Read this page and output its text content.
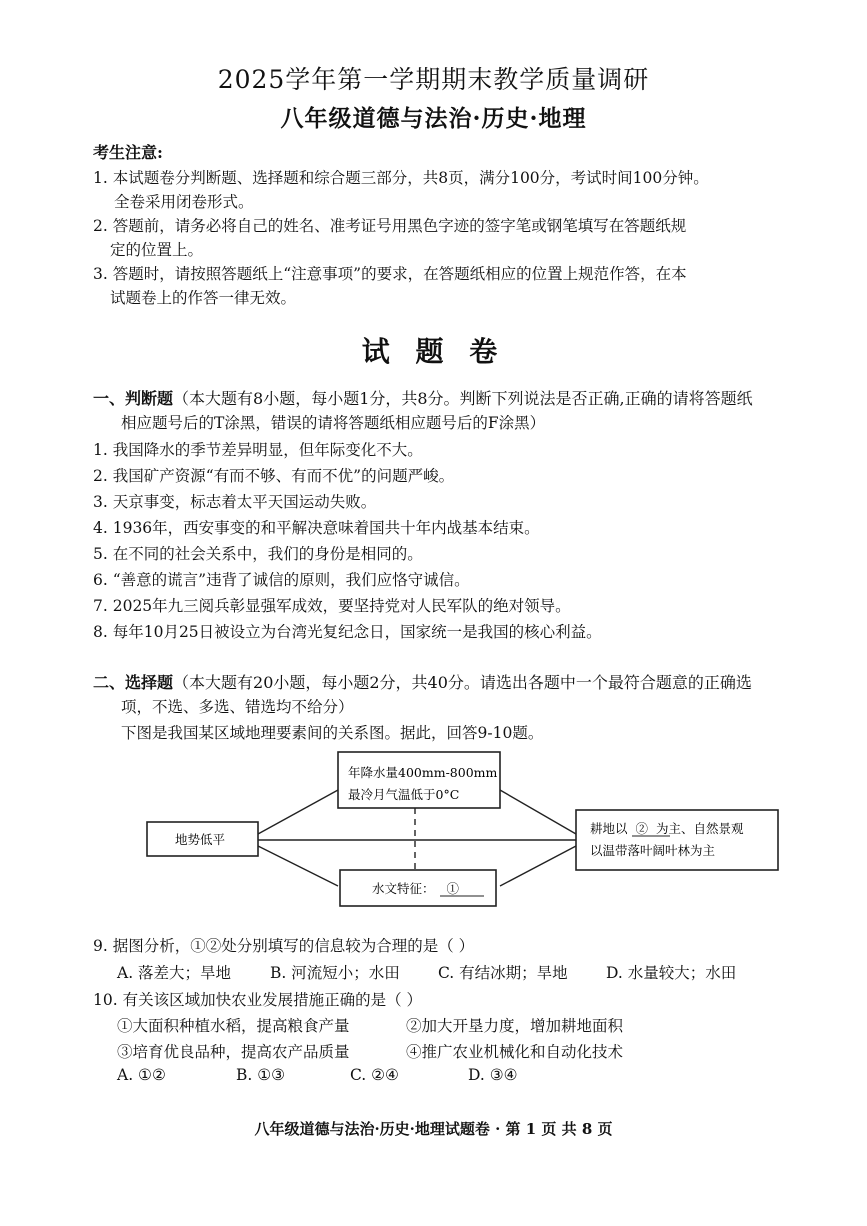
2025学年第一学期期末教学质量调研
八年级道德与法治·历史·地理
考生注意:
1. 本试题卷分判断题、选择题和综合题三部分，共8页，满分100分，考试时间100分钟。
全卷采用闭卷形式。
2. 答题前，请务必将自己的姓名、准考证号用黑色字迹的签字笔或钢笔填写在答题纸规
定的位置上。
3. 答题时，请按照答题纸上“注意事项”的要求，在答题纸相应的位置上规范作答，在本
试题卷上的作答一律无效。
试 题 卷
一、判断题（本大题有8小题，每小题1分，共8分。判断下列说法是否正确,正确的请将答题纸
相应题号后的T涂黑，错误的请将答题纸相应题号后的F涂黑）
1. 我国降水的季节差异明显，但年际变化不大。
2. 我国矿产资源“有而不够、有而不优”的问题严峻。
3. 天京事变，标志着太平天国运动失败。
4. 1936年，西安事变的和平解决意味着国共十年内战基本结束。
5. 在不同的社会关系中，我们的身份是相同的。
6. “善意的谎言”违背了诚信的原则，我们应恪守诚信。
7. 2025年九三阅兵彰显强军成效，要坚持党对人民军队的绝对领导。
8. 每年10月25日被设立为台湾光复纪念日，国家统一是我国的核心利益。
二、选择题（本大题有20小题，每小题2分，共40分。请选出各题中一个最符合题意的正确选
项，不选、多选、错选均不给分）
下图是我国某区域地理要素间的关系图。据此，回答9-10题。
年降水量400mm-800mm
最冷月气温低于0°C
地势低平
耕地以 ② 为主、自然景观
以温带落叶阔叶林为主
水文特征： ①
9. 据图分析，①②处分别填写的信息较为合理的是（ ）
A. 落差大；旱地	B. 河流短小；水田 C. 有结冰期；旱地 D. 水量较大；水田
10. 有关该区域加快农业发展措施正确的是（ ）
①大面积种植水稻，提高粮食产量	②加大开垦力度，增加耕地面积
③培育优良品种，提高农产品质量	④推广农业机械化和自动化技术
A. ①②	B. ①③	C. ②④	D. ③④
八年级道德与法治·历史·地理试题卷 · 第 1 页 共 8 页
